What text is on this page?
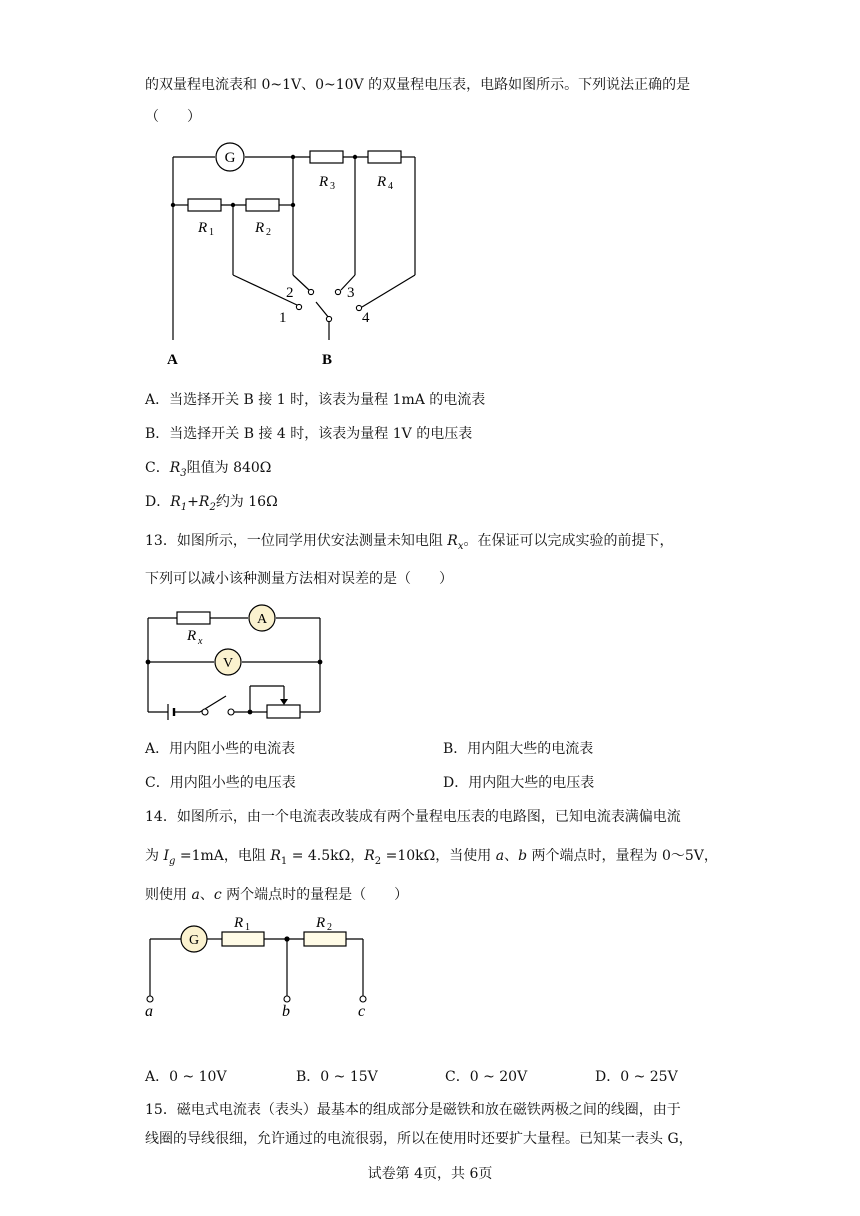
的双量程电流表和 0~1V、0~10V 的双量程电压表，电路如图所示。下列说法正确的是
（　　）
G
R 1	R 2
R 3	R 4
1
2	3
4
A	B
A．当选择开关 B 接 1 时，该表为量程 1mA 的电流表
B．当选择开关 B 接 4 时，该表为量程 1V 的电压表
C．$R_3$阻值为 840Ω
D．$R_1+R_2$约为 16Ω
13．如图所示，一位同学用伏安法测量未知电阻 $R_x$。在保证可以完成实验的前提下，
下列可以减小该种测量方法相对误差的是（　　）
A
V
R x
A．用内阻小些的电流表	B．用内阻大些的电流表
C．用内阻小些的电压表	D．用内阻大些的电压表
14．如图所示，由一个电流表改装成有两个量程电压表的电路图，已知电流表满偏电流
为 $I_g =1mA$，电阻 $R_1 = 4.5k\Omega$，$R_2 =10k\Omega$，当使用 a、b 两个端点时，量程为 0～5V，
则使用 a、c 两个端点时的量程是（　　）
G
R 1	R 2
a	b	c
A．0 ~ 10V	B．0 ~ 15V	C．0 ~ 20V	D．0 ~ 25V
15．磁电式电流表（表头）最基本的组成部分是磁铁和放在磁铁两极之间的线圈，由于
线圈的导线很细，允许通过的电流很弱，所以在使用时还要扩大量程。已知某一表头 G，
试卷第 4页，共 6页
